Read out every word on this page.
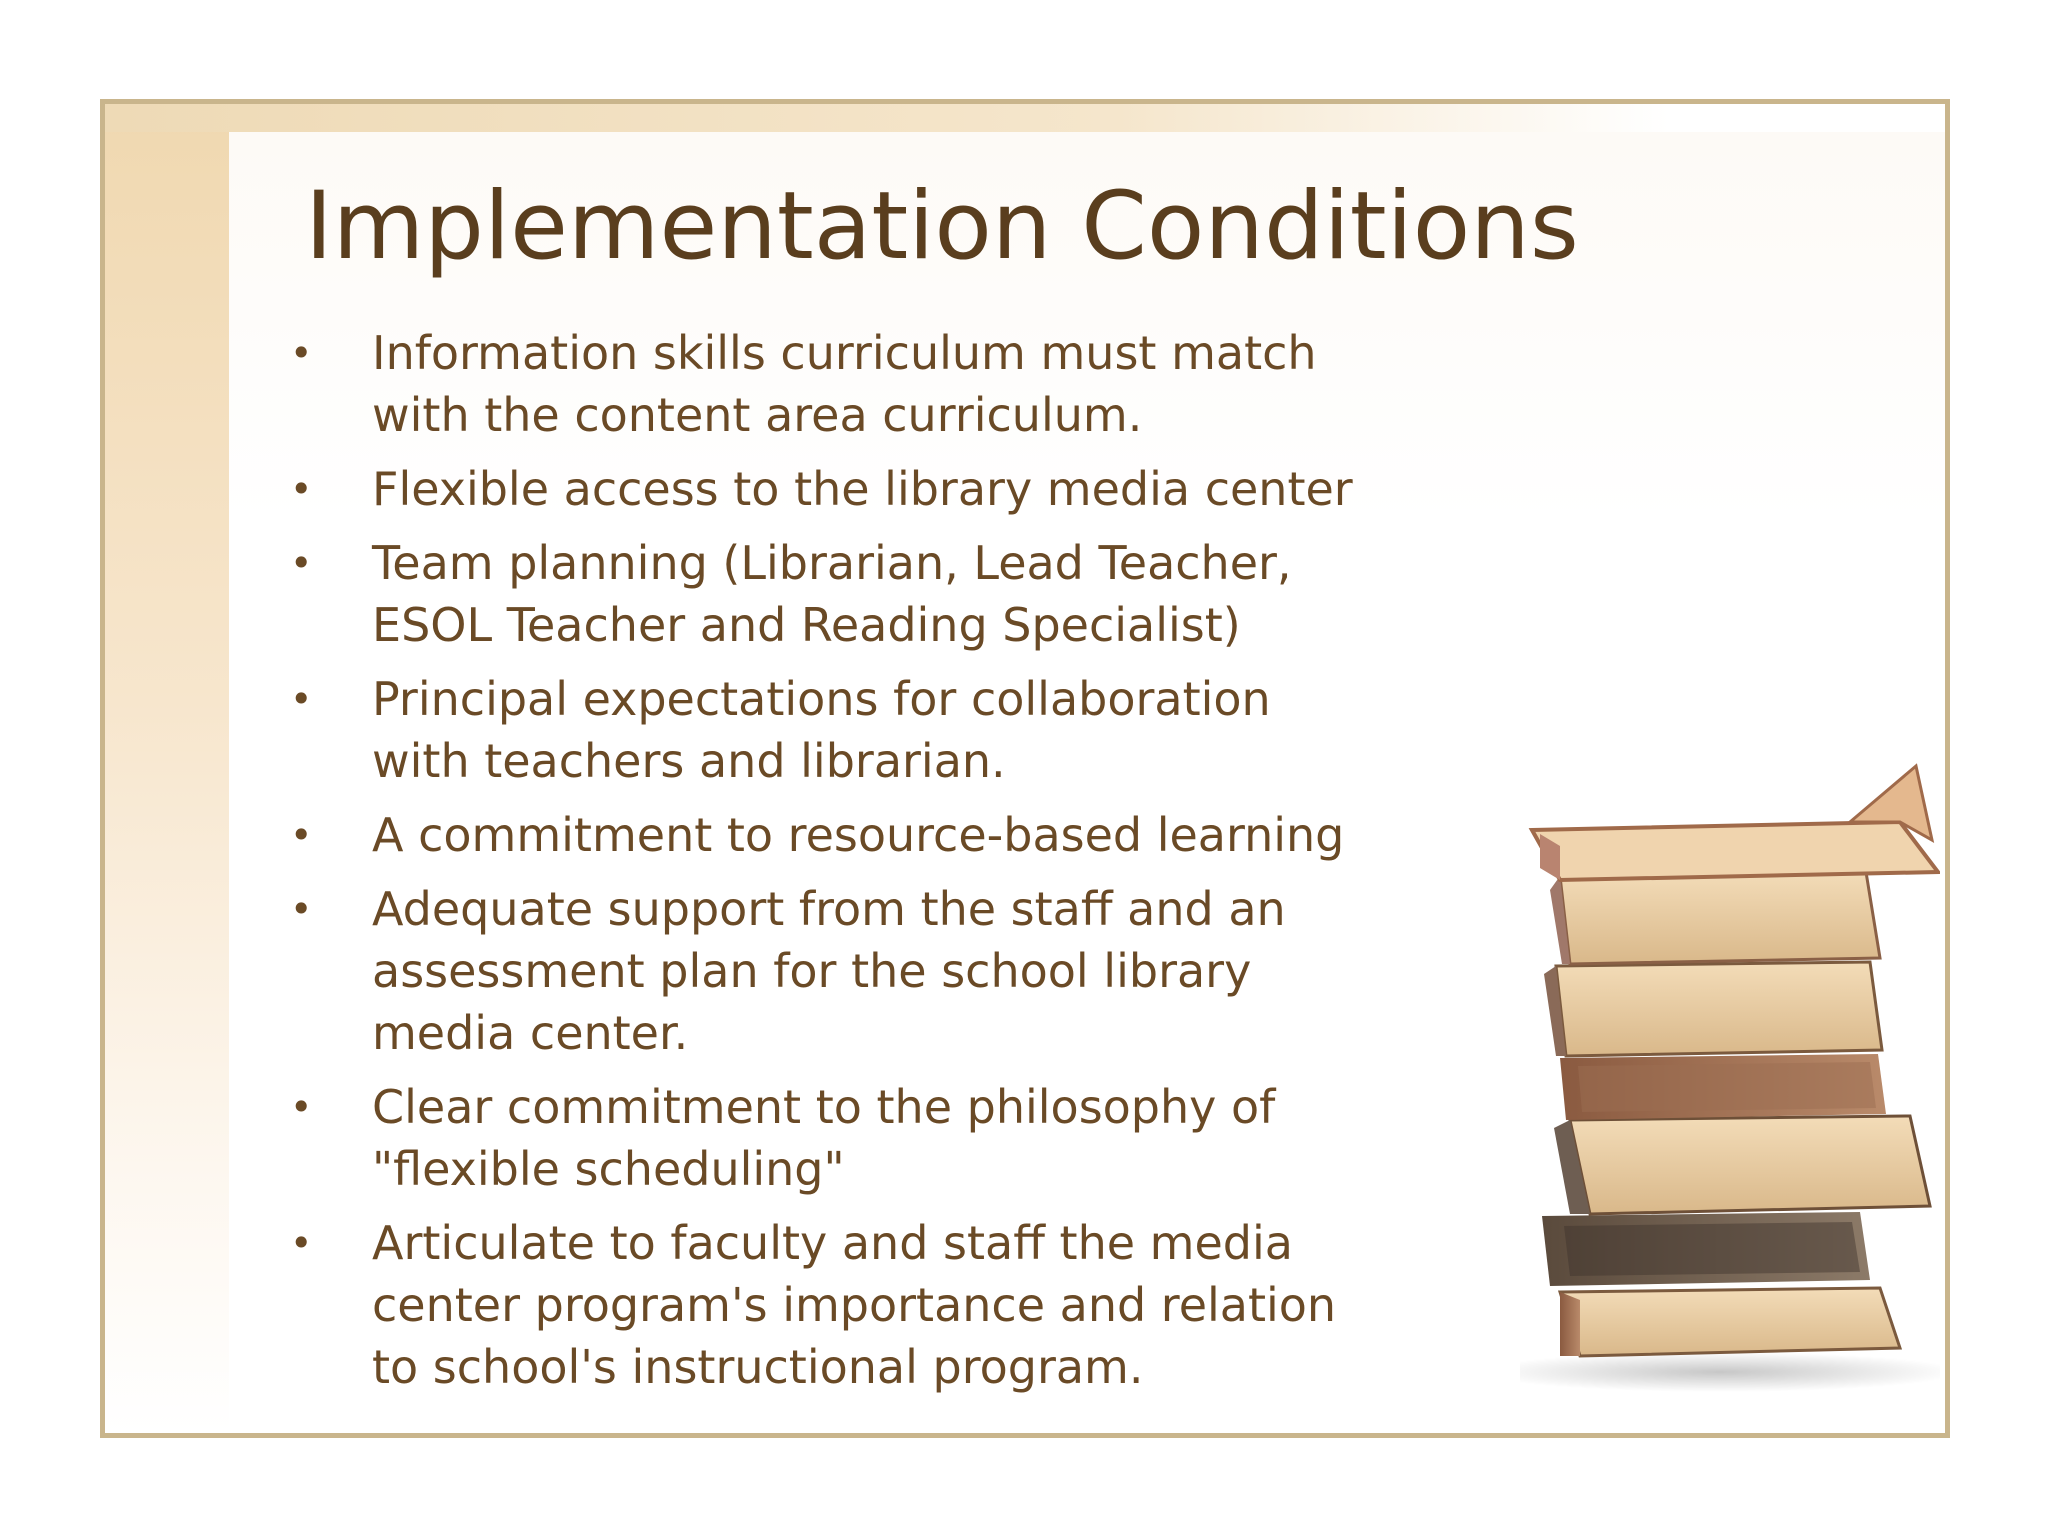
Implementation Conditions
•	Information skills curriculum must match
with the content area curriculum.
•	Flexible access to the library media center
•	Team planning (Librarian, Lead Teacher,
ESOL Teacher and Reading Specialist)
•	Principal expectations for collaboration
with teachers and librarian.
•	A commitment to resource-based learning
•	Adequate support from the staff and an
assessment plan for the school library
media center.
•	Clear commitment to the philosophy of
"flexible scheduling"
•	Articulate to faculty and staff the media
center program's importance and relation
to school's instructional program.
